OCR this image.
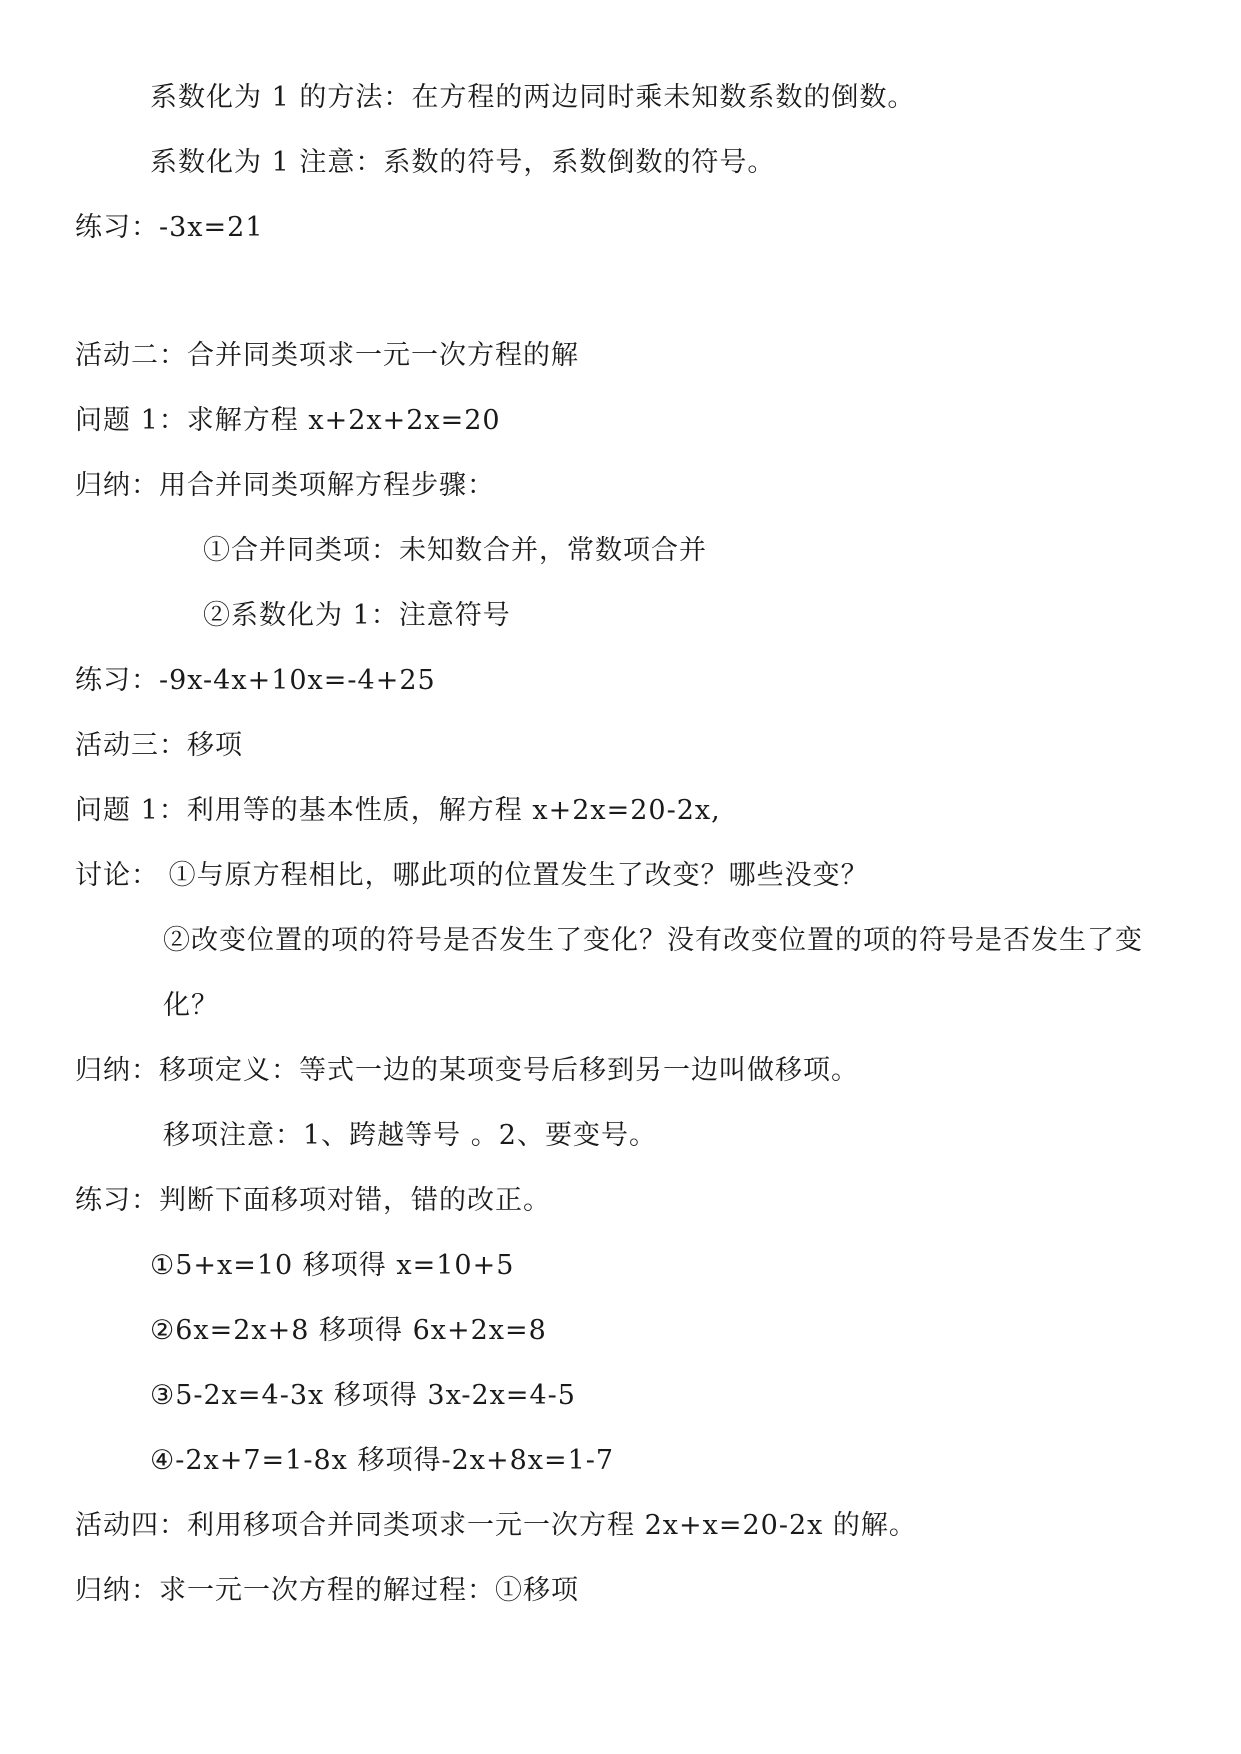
系数化为 1 的方法：在方程的两边同时乘未知数系数的倒数。
系数化为 1 注意：系数的符号，系数倒数的符号。
练习：-3x=21
活动二：合并同类项求一元一次方程的解
问题 1：求解方程 x+2x+2x=20
归纳：用合并同类项解方程步骤：
①合并同类项：未知数合并，常数项合并
②系数化为 1：注意符号
练习：-9x-4x+10x=-4+25
活动三：移项
问题 1：利用等的基本性质，解方程 x+2x=20-2x,
讨论： ①与原方程相比，哪此项的位置发生了改变？哪些没变？
②改变位置的项的符号是否发生了变化？没有改变位置的项的符号是否发生了变
化？
归纳：移项定义：等式一边的某项变号后移到另一边叫做移项。
移项注意：1、跨越等号 。2、要变号。
练习：判断下面移项对错，错的改正。
①5+x=10 移项得 x=10+5
②6x=2x+8 移项得 6x+2x=8
③5-2x=4-3x 移项得 3x-2x=4-5
④-2x+7=1-8x 移项得-2x+8x=1-7
活动四：利用移项合并同类项求一元一次方程 2x+x=20-2x 的解。
归纳：求一元一次方程的解过程：①移项
